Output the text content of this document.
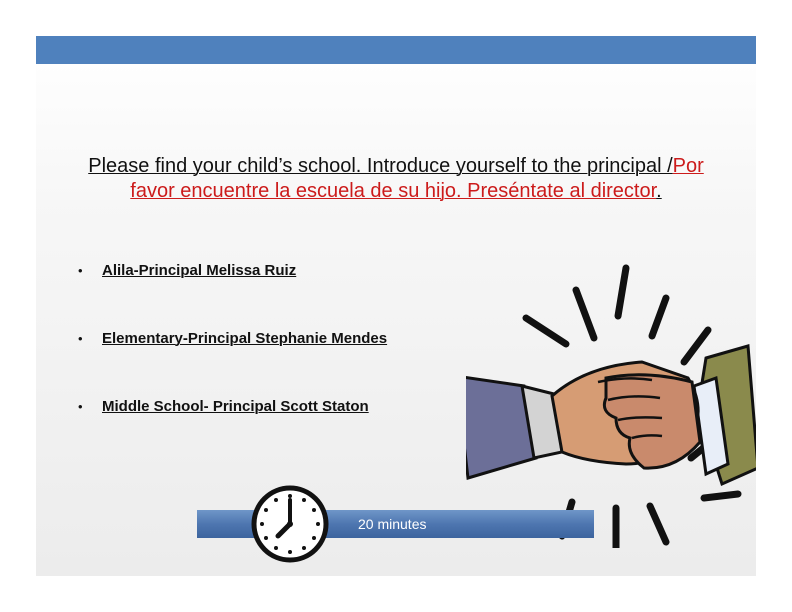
Please find your child’s school. Introduce yourself to the principal /Por favor encuentre la escuela de su hijo. Preséntate al director.
• Alila-Principal Melissa Ruiz
• Elementary-Principal Stephanie Mendes
• Middle School- Principal Scott Staton
20 minutes
